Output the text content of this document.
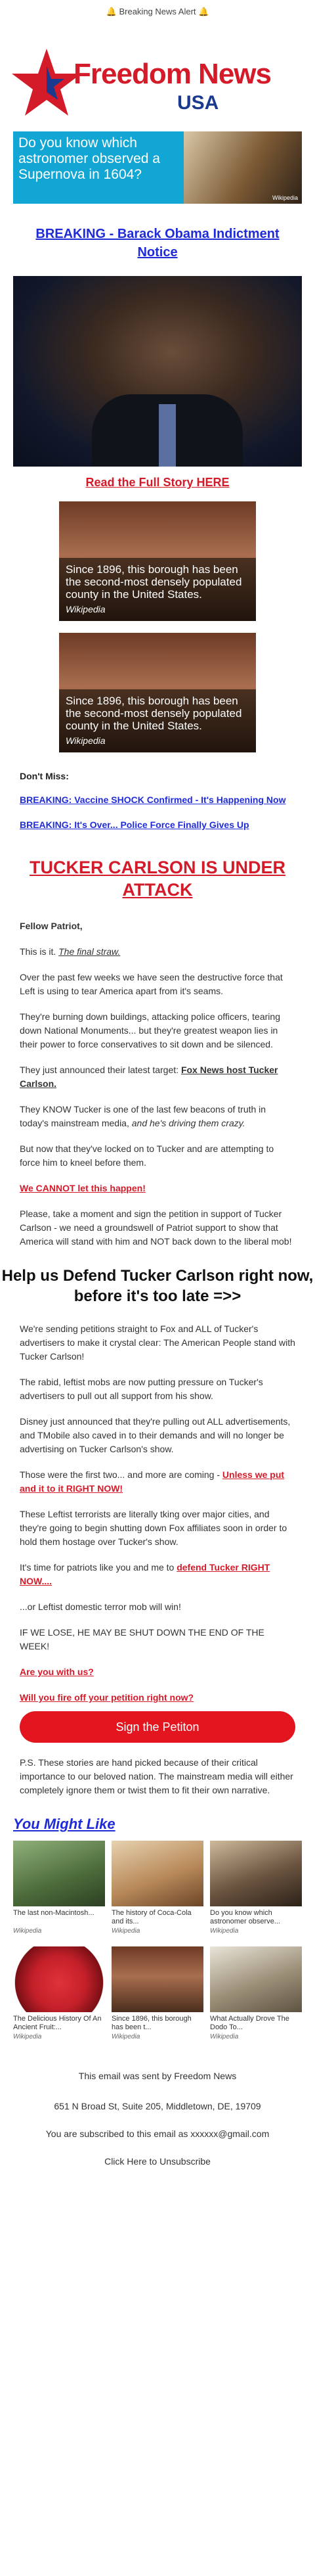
🔔 Breaking News Alert 🔔
Freedom News
USA
Do you know which astronomer observed a Supernova in 1604?
Wikipedia
BREAKING - Barack Obama Indictment Notice
Read the Full Story HERE
Since 1896, this borough has been the second-most densely populated county in the United States.
Wikipedia
Since 1896, this borough has been the second-most densely populated county in the United States.
Wikipedia
Don't Miss:
BREAKING: Vaccine SHOCK Confirmed - It's Happening Now
BREAKING: It's Over... Police Force Finally Gives Up
TUCKER CARLSON IS UNDER ATTACK

Fellow Patriot,

This is it. The final straw.

Over the past few weeks we have seen the destructive force that Left is using to tear America apart from it's seams.

They're burning down buildings, attacking police officers, tearing down National Monuments... but they're greatest weapon lies in their power to force conservatives to sit down and be silenced.

They just announced their latest target: Fox News host Tucker Carlson.

They KNOW Tucker is one of the last few beacons of truth in today's mainstream media, and he's driving them crazy.

But now that they've locked on to Tucker and are attempting to force him to kneel before them.

We CANNOT let this happen!

Please, take a moment and sign the petition in support of Tucker Carlson - we need a groundswell of Patriot support to show that America will stand with him and NOT back down to the liberal mob!

Help us Defend Tucker Carlson right now, before it's too late =>>

We're sending petitions straight to Fox and ALL of Tucker's advertisers to make it crystal clear: The American People stand with Tucker Carlson!

The rabid, leftist mobs are now putting pressure on Tucker's advertisers to pull out all support from his show.

Disney just announced that they're pulling out ALL advertisements, and TMobile also caved in to their demands and will no longer be advertising on Tucker Carlson's show.

Those were the first two... and more are coming - Unless we put and it to it RIGHT NOW!

These Leftist terrorists are literally tking over major cities, and they're going to begin shutting down Fox affiliates soon in order to hold them hostage over Tucker's show.

It's time for patriots like you and me to defend Tucker RIGHT NOW....

...or Leftist domestic terror mob will win!

IF WE LOSE, HE MAY BE SHUT DOWN THE END OF THE WEEK!

Are you with us?

Will you fire off your petition right now?

Sign the Petiton
P.S. These stories are hand picked because of their critical importance to our beloved nation. The mainstream media will either completely ignore them or twist them to fit their own narrative.
You Might Like
The last non-Macintosh...
Wikipedia
The history of Coca-Cola and its...
Wikipedia
Do you know which astronomer observe...
Wikipedia
The Delicious History Of An Ancient Fruit:...
Wikipedia
Since 1896, this borough has been t...
Wikipedia
What Actually Drove The Dodo To...
Wikipedia
This email was sent by Freedom News
651 N Broad St, Suite 205, Middletown, DE, 19709
You are subscribed to this email as xxxxxx@gmail.com
Click Here to Unsubscribe
